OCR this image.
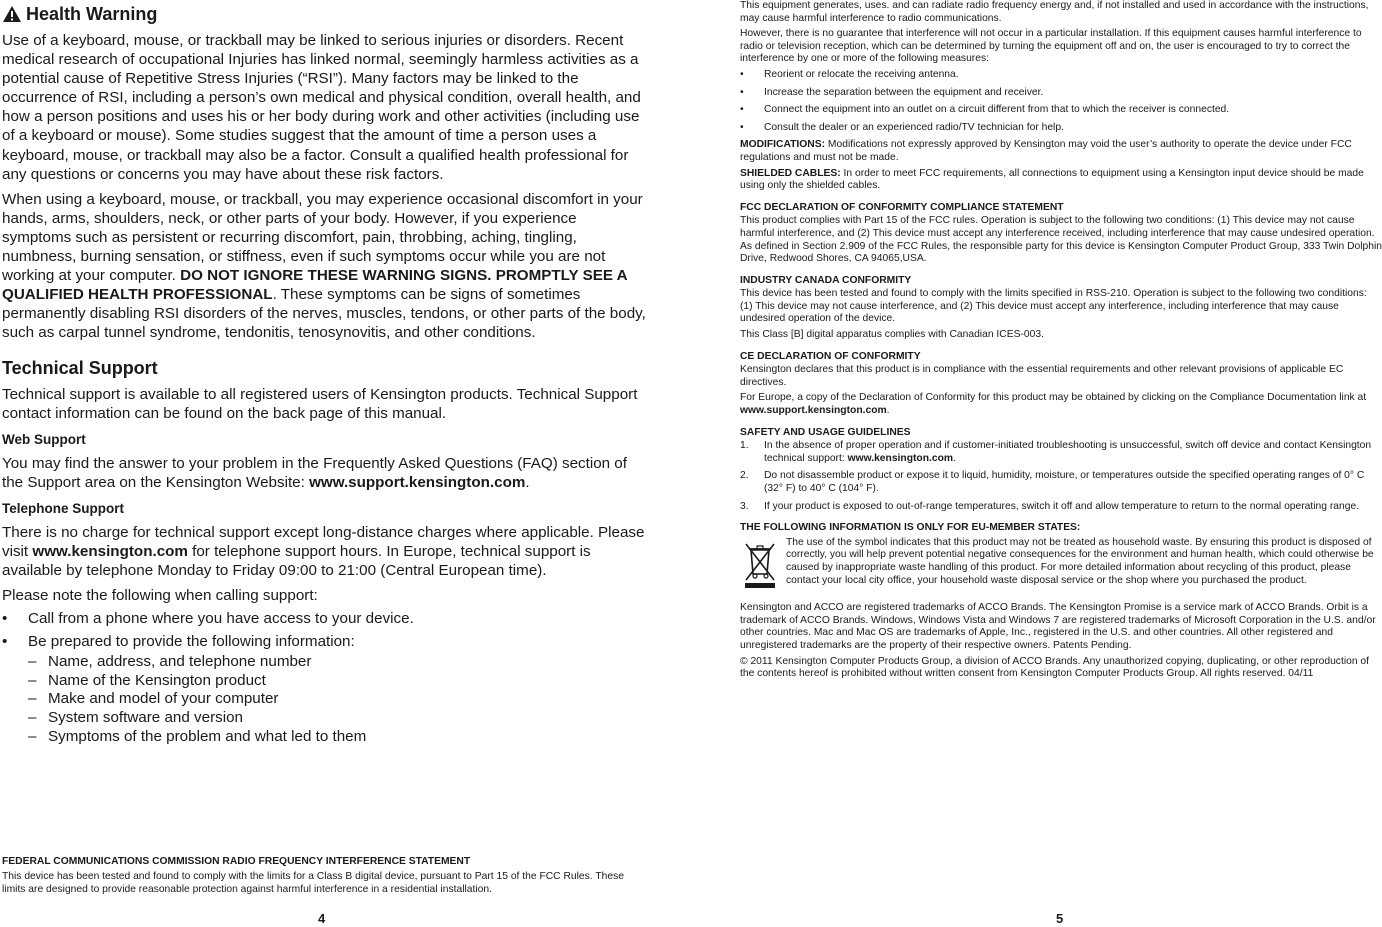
Health Warning

Use of a keyboard, mouse, or trackball may be linked to serious injuries or disorders. Recent medical research of occupational Injuries has linked normal, seemingly harmless activities as a potential cause of Repetitive Stress Injuries (“RSI”). Many factors may be linked to the occurrence of RSI, including a person’s own medical and physical condition, overall health, and how a person positions and uses his or her body during work and other activities (including use of a keyboard or mouse). Some studies suggest that the amount of time a person uses a keyboard, mouse, or trackball may also be a factor. Consult a qualified health professional for any questions or concerns you may have about these risk factors.

When using a keyboard, mouse, or trackball, you may experience occasional discomfort in your hands, arms, shoulders, neck, or other parts of your body. However, if you experience symptoms such as persistent or recurring discomfort, pain, throbbing, aching, tingling, numbness, burning sensation, or stiffness, even if such symptoms occur while you are not working at your computer. DO NOT IGNORE THESE WARNING SIGNS. PROMPTLY SEE A QUALIFIED HEALTH PROFESSIONAL. These symptoms can be signs of sometimes permanently disabling RSI disorders of the nerves, muscles, tendons, or other parts of the body, such as carpal tunnel syndrome, tendonitis, tenosynovitis, and other conditions.

Technical Support

Technical support is available to all registered users of Kensington products. Technical Support contact information can be found on the back page of this manual.

Web Support

You may find the answer to your problem in the Frequently Asked Questions (FAQ) section of the Support area on the Kensington Website: www.support.kensington.com.

Telephone Support

There is no charge for technical support except long-distance charges where applicable. Please visit www.kensington.com for telephone support hours. In Europe, technical support is available by telephone Monday to Friday 09:00 to 21:00 (Central European time).

Please note the following when calling support:

•	Call from a phone where you have access to your device.
•	Be prepared to provide the following information:
– Name, address, and telephone number
– Name of the Kensington product
– Make and model of your computer
– System software and version
– Symptoms of the problem and what led to them
FEDERAL COMMUNICATIONS COMMISSION RADIO FREQUENCY INTERFERENCE STATEMENT

This device has been tested and found to comply with the limits for a Class B digital device, pursuant to Part 15 of the FCC Rules. These limits are designed to provide reasonable protection against harmful interference in a residential installation.

4

This equipment generates, uses. and can radiate radio frequency energy and, if not installed and used in accordance with the instructions, may cause harmful interference to radio communications.

However, there is no guarantee that interference will not occur in a particular installation. If this equipment causes harmful interference to radio or television reception, which can be determined by turning the equipment off and on, the user is encouraged to try to correct the interference by one or more of the following measures:

•	Reorient or relocate the receiving antenna.
•	Increase the separation between the equipment and receiver.
•	Connect the equipment into an outlet on a circuit different from that to which the receiver is connected.
•	Consult the dealer or an experienced radio/TV technician for help.

MODIFICATIONS: Modifications not expressly approved by Kensington may void the user’s authority to operate the device under FCC regulations and must not be made.

SHIELDED CABLES: In order to meet FCC requirements, all connections to equipment using a Kensington input device should be made using only the shielded cables.

FCC DECLARATION OF CONFORMITY COMPLIANCE STATEMENT

This product complies with Part 15 of the FCC rules. Operation is subject to the following two conditions: (1) This device may not cause harmful interference, and (2) This device must accept any interference received, including interference that may cause undesired operation. As defined in Section 2.909 of the FCC Rules, the responsible party for this device is Kensington Computer Product Group, 333 Twin Dolphin Drive, Redwood Shores, CA 94065,USA.

INDUSTRY CANADA CONFORMITY

This device has been tested and found to comply with the limits specified in RSS-210. Operation is subject to the following two conditions: (1) This device may not cause interference, and (2) This device must accept any interference, including interference that may cause undesired operation of the device.

This Class [B] digital apparatus complies with Canadian ICES-003.

CE DECLARATION OF CONFORMITY

Kensington declares that this product is in compliance with the essential requirements and other relevant provisions of applicable EC directives.

For Europe, a copy of the Declaration of Conformity for this product may be obtained by clicking on the Compliance Documentation link at www.support.kensington.com.

SAFETY AND USAGE GUIDELINES
1.	In the absence of proper operation and if customer-initiated troubleshooting is unsuccessful, switch off device and contact Kensington technical support: www.kensington.com.
2.	Do not disassemble product or expose it to liquid, humidity, moisture, or temperatures outside the specified operating ranges of 0° C (32° F) to 40° C (104° F).
3.	If your product is exposed to out-of-range temperatures, switch it off and allow temperature to return to the normal operating range.
THE FOLLOWING INFORMATION IS ONLY FOR EU-MEMBER STATES:

The use of the symbol indicates that this product may not be treated as household waste. By ensuring this product is disposed of correctly, you will help prevent potential negative consequences for the environment and human health, which could otherwise be caused by inappropriate waste handling of this product. For more detailed information about recycling of this product, please contact your local city office, your household waste disposal service or the shop where you purchased the product.

Kensington and ACCO are registered trademarks of ACCO Brands. The Kensington Promise is a service mark of ACCO Brands. Orbit is a trademark of ACCO Brands. Windows, Windows Vista and Windows 7 are registered trademarks of Microsoft Corporation in the U.S. and/or other countries. Mac and Mac OS are trademarks of Apple, Inc., registered in the U.S. and other countries. All other registered and unregistered trademarks are the property of their respective owners. Patents Pending.

© 2011 Kensington Computer Products Group, a division of ACCO Brands. Any unauthorized copying, duplicating, or other reproduction of the contents hereof is prohibited without written consent from Kensington Computer Products Group. All rights reserved. 04/11

5
